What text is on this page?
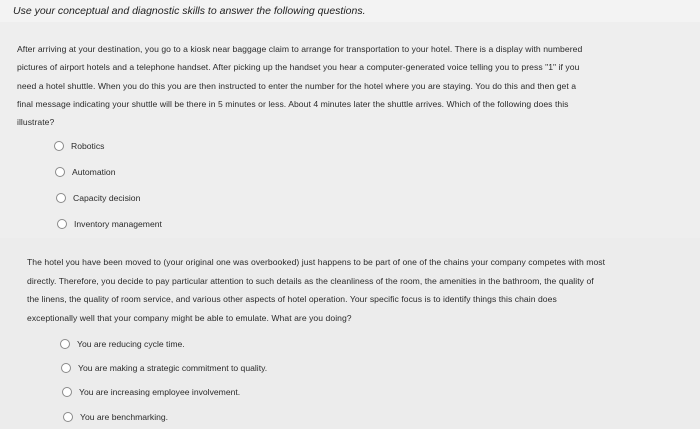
Use your conceptual and diagnostic skills to answer the following questions.

After arriving at your destination, you go to a kiosk near baggage claim to arrange for transportation to your hotel. There is a display with numbered
pictures of airport hotels and a telephone handset. After picking up the handset you hear a computer-generated voice telling you to press "1" if you
need a hotel shuttle. When you do this you are then instructed to enter the number for the hotel where you are staying. You do this and then get a
final message indicating your shuttle will be there in 5 minutes or less. About 4 minutes later the shuttle arrives. Which of the following does this
illustrate?

Robotics
Automation
Capacity decision
Inventory management

The hotel you have been moved to (your original one was overbooked) just happens to be part of one of the chains your company competes with most
directly. Therefore, you decide to pay particular attention to such details as the cleanliness of the room, the amenities in the bathroom, the quality of
the linens, the quality of room service, and various other aspects of hotel operation. Your specific focus is to identify things this chain does
exceptionally well that your company might be able to emulate. What are you doing?

You are reducing cycle time.
You are making a strategic commitment to quality.
You are increasing employee involvement.
You are benchmarking.
